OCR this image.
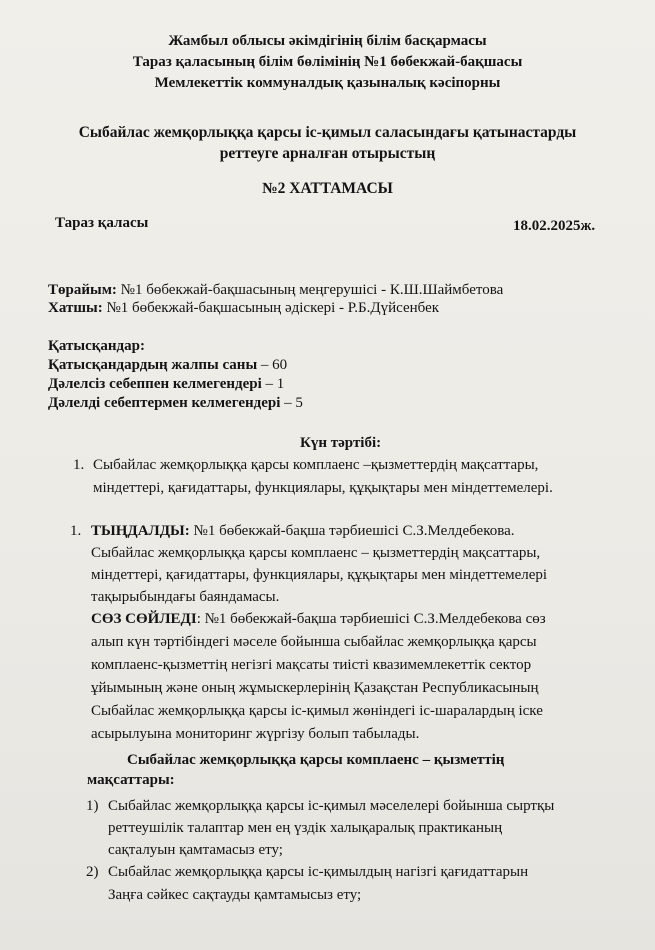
Жамбыл облысы әкімдігінің білім басқармасы
Тараз қаласының білім бөлімінің №1 бөбекжай-бақшасы
Мемлекеттік коммуналдық қазыналық кәсіпорны
Сыбайлас жемқорлыққа қарсы іс-қимыл саласындағы қатынастарды
реттеуге арналған отырыстың
№2 ХАТТАМАСЫ
Тараз қаласы	18.02.2025ж.
Төрайым: №1 бөбекжай-бақшасының меңгерушісі - К.Ш.Шаймбетова
Хатшы: №1 бөбекжай-бақшасының әдіскері - Р.Б.Дүйсенбек
Қатысқандар:
Қатысқандардың жалпы саны – 60
Дәлелсіз себеппен келмегендері – 1
Дәлелді себептермен келмегендері – 5
Күн тәртібі:
1. Сыбайлас жемқорлыққа қарсы комплаенс –қызметтердің мақсаттары,
міндеттері, қағидаттары, функциялары, құқықтары мен міндеттемелері.
1. ТЫҢДАЛДЫ: №1 бөбекжай-бақша тәрбиешісі С.З.Мелдебекова.
Сыбайлас жемқорлыққа қарсы комплаенс – қызметтердің мақсаттары,
міндеттері, қағидаттары, функциялары, құқықтары мен міндеттемелері
тақырыбындағы баяндамасы.
СӨЗ СӨЙЛЕДІ: №1 бөбекжай-бақша тәрбиешісі С.З.Мелдебекова сөз
алып күн тәртібіндегі мәселе бойынша сыбайлас жемқорлыққа қарсы
комплаенс-қызметтің негізгі мақсаты тиісті квазимемлекеттік сектор
ұйымының және оның жұмыскерлерінің Қазақстан Республикасының
Сыбайлас жемқорлыққа қарсы іс-қимыл жөніндегі іс-шаралардың іске
асырылуына мониторинг жүргізу болып табылады.
Сыбайлас жемқорлыққа қарсы комплаенс – қызметтің
мақсаттары:
1) Сыбайлас жемқорлыққа қарсы іс-қимыл мәселелері бойынша сыртқы
реттеушілік талаптар мен ең үздік халықаралық практиканың
сақталуын қамтамасыз ету;
2) Сыбайлас жемқорлыққа қарсы іс-қимылдың нагізгі қағидаттарын
Заңға сәйкес сақтауды қамтамысыз ету;
